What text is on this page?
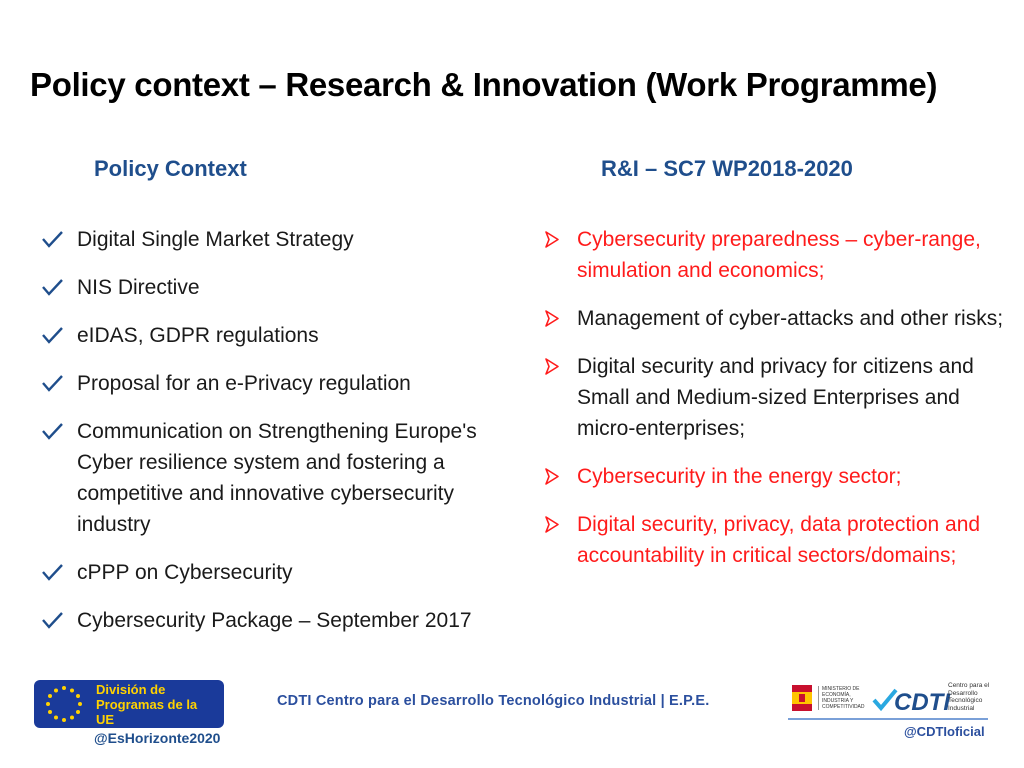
Policy context – Research & Innovation (Work Programme)
Policy Context	R&I – SC7 WP2018-2020
Digital Single Market Strategy
NIS Directive
eIDAS, GDPR regulations
Proposal for an e-Privacy regulation
Communication on Strengthening Europe's Cyber resilience system and fostering a competitive and innovative cybersecurity industry
cPPP on Cybersecurity
Cybersecurity Package – September 2017
Cybersecurity preparedness – cyber-range, simulation and economics;
Management of cyber-attacks and other risks;
Digital security and privacy for citizens and Small and Medium-sized Enterprises and micro-enterprises;
Cybersecurity in the energy sector;
Digital security, privacy, data protection and accountability in critical sectors/domains;
División de Programas de la UE
@EsHorizonte2020
CDTI Centro para el Desarrollo Tecnológico Industrial | E.P.E.
MINISTERIO DE ECONOMÍA, INDUSTRIA Y COMPETITIVIDAD CDTI
Centro para el Desarrollo Tecnológico Industrial
@CDTIoficial
